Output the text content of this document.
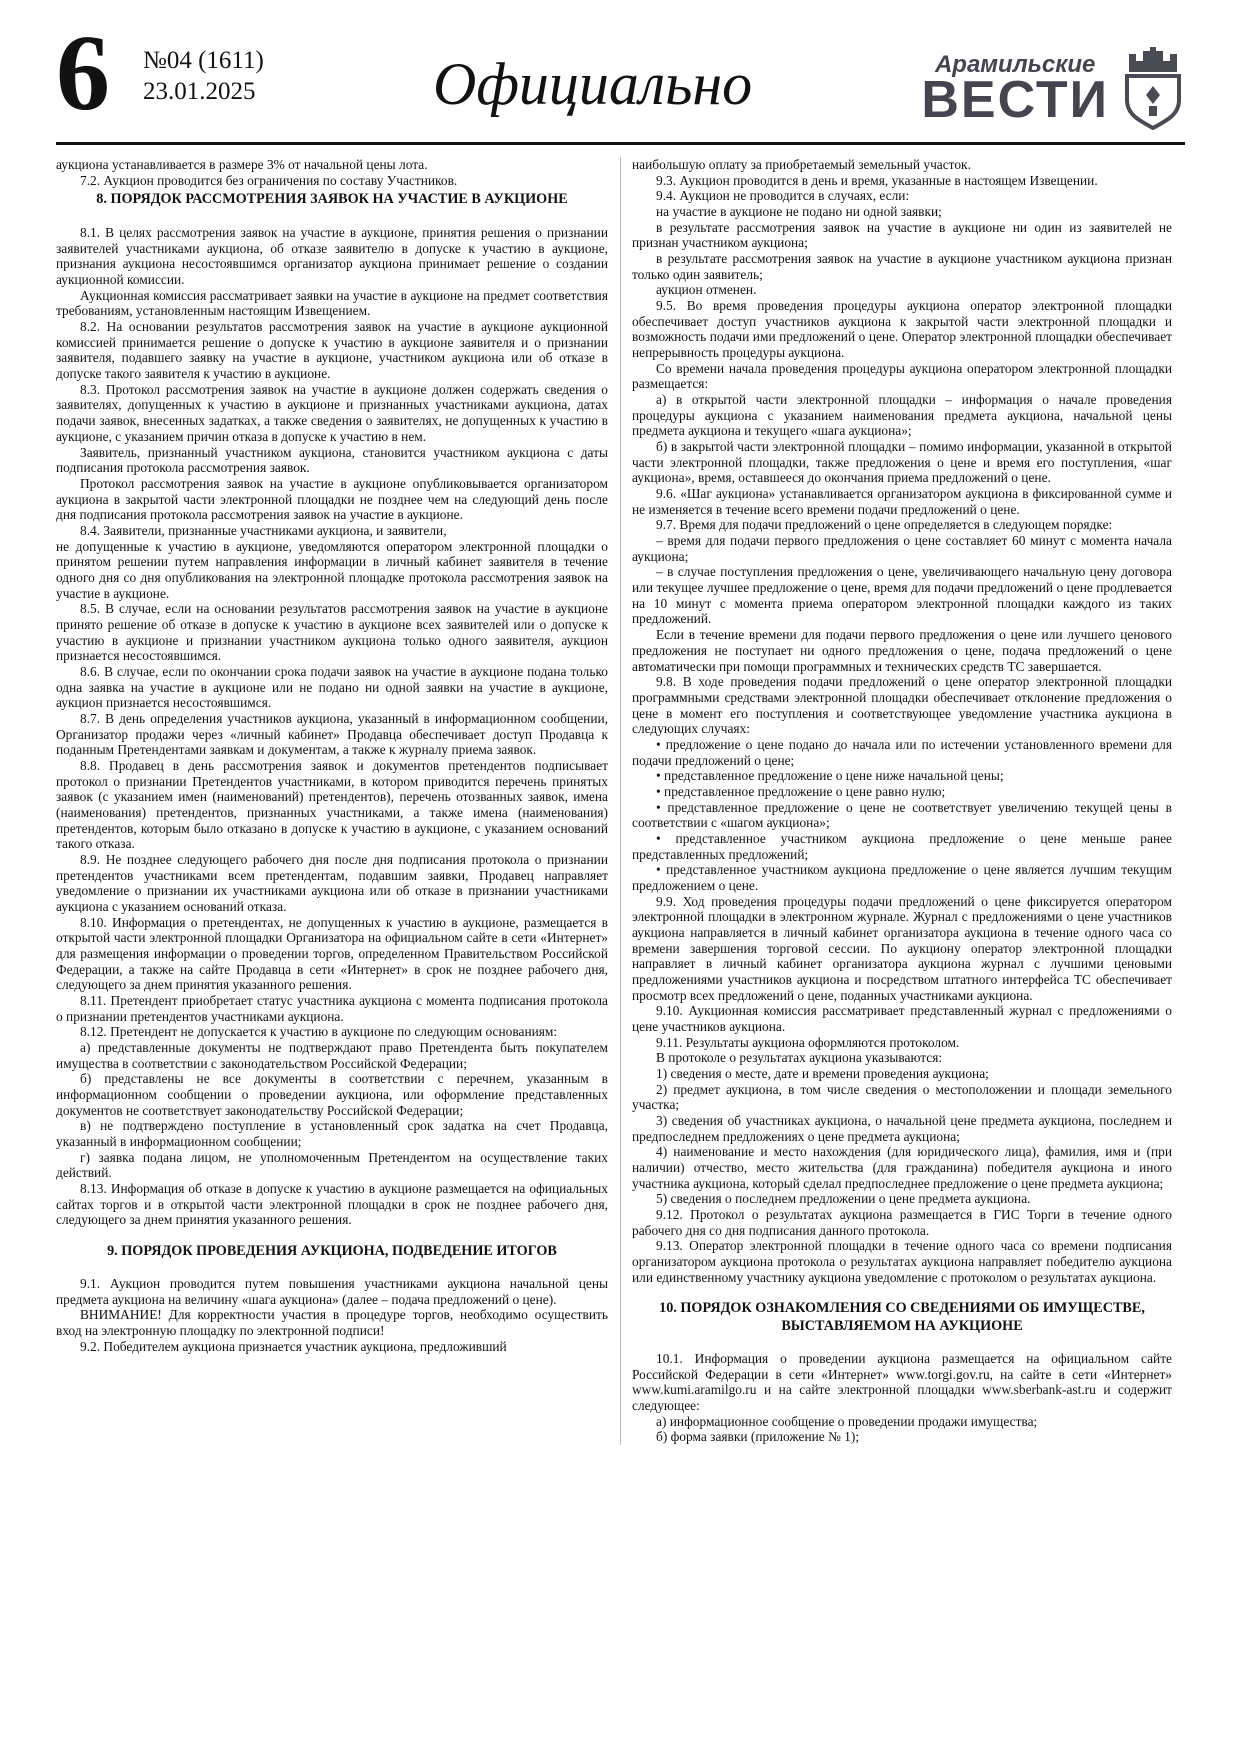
6 №04 (1611)
23.01.2025	Официально	Арамильские
ВЕСТИ

аукциона устанавливается в размере 3% от начальной цены лота.

7.2. Аукцион проводится без ограничения по составу Участников.

8. ПОРЯДОК РАССМОТРЕНИЯ ЗАЯВОК НА УЧАСТИЕ В АУКЦИОНЕ

8.1. В целях рассмотрения заявок на участие в аукционе, принятия решения о признании заявителей участниками аукциона, об отказе заявителю в допуске к участию в аукционе, признания аукциона несостоявшимся организатор аукциона принимает решение о создании аукционной комиссии.

Аукционная комиссия рассматривает заявки на участие в аукционе на предмет соответствия требованиям, установленным настоящим Извещением.

8.2. На основании результатов рассмотрения заявок на участие в аукционе аукционной комиссией принимается решение о допуске к участию в аукционе заявителя и о признании заявителя, подавшего заявку на участие в аукционе, участником аукциона или об отказе в допуске такого заявителя к участию в аукционе.

8.3. Протокол рассмотрения заявок на участие в аукционе должен содержать сведения о заявителях, допущенных к участию в аукционе и признанных участниками аукциона, датах подачи заявок, внесенных задатках, а также сведения о заявителях, не допущенных к участию в аукционе, с указанием причин отказа в допуске к участию в нем.

Заявитель, признанный участником аукциона, становится участником аукциона с даты подписания протокола рассмотрения заявок.

Протокол рассмотрения заявок на участие в аукционе опубликовывается организатором аукциона в закрытой части электронной площадки не позднее чем на следующий день после дня подписания протокола рассмотрения заявок на участие в аукционе.

8.4. Заявители, признанные участниками аукциона, и заявители,

не допущенные к участию в аукционе, уведомляются оператором электронной площадки о принятом решении путем направления информации в личный кабинет заявителя в течение одного дня со дня опубликования на электронной площадке протокола рассмотрения заявок на участие в аукционе.

8.5. В случае, если на основании результатов рассмотрения заявок на участие в аукционе принято решение об отказе в допуске к участию в аукционе всех заявителей или о допуске к участию в аукционе и признании участником аукциона только одного заявителя, аукцион признается несостоявшимся.

8.6. В случае, если по окончании срока подачи заявок на участие в аукционе подана только одна заявка на участие в аукционе или не подано ни одной заявки на участие в аукционе, аукцион признается несостоявшимся.

8.7. В день определения участников аукциона, указанный в информационном сообщении, Организатор продажи через «личный кабинет» Продавца обеспечивает доступ Продавца к поданным Претендентами заявкам и документам, а также к журналу приема заявок.

8.8. Продавец в день рассмотрения заявок и документов претендентов подписывает протокол о признании Претендентов участниками, в котором приводится перечень принятых заявок (с указанием имен (наименований) претендентов), перечень отозванных заявок, имена (наименования) претендентов, признанных участниками, а также имена (наименования) претендентов, которым было отказано в допуске к участию в аукционе, с указанием оснований такого отказа.

8.9. Не позднее следующего рабочего дня после дня подписания протокола о признании претендентов участниками всем претендентам, подавшим заявки, Продавец направляет уведомление о признании их участниками аукциона или об отказе в признании участниками аукциона с указанием оснований отказа.

8.10. Информация о претендентах, не допущенных к участию в аукционе, размещается в открытой части электронной площадки Организатора на официальном сайте в сети «Интернет» для размещения информации о проведении торгов, определенном Правительством Российской Федерации, а также на сайте Продавца в сети «Интернет» в срок не позднее рабочего дня, следующего за днем принятия указанного решения.

8.11. Претендент приобретает статус участника аукциона с момента подписания протокола о признании претендентов участниками аукциона.

8.12. Претендент не допускается к участию в аукционе по следующим основаниям:

а) представленные документы не подтверждают право Претендента быть покупателем имущества в соответствии с законодательством Российской Федерации;

б) представлены не все документы в соответствии с перечнем, указанным в информационном сообщении о проведении аукциона, или оформление представленных документов не соответствует законодательству Российской Федерации;

в) не подтверждено поступление в установленный срок задатка на счет Продавца, указанный в информационном сообщении;

г) заявка подана лицом, не уполномоченным Претендентом на осуществление таких действий.

8.13. Информация об отказе в допуске к участию в аукционе размещается на официальных сайтах торгов и в открытой части электронной площадки в срок не позднее рабочего дня, следующего за днем принятия указанного решения.

9. ПОРЯДОК ПРОВЕДЕНИЯ АУКЦИОНА, ПОДВЕДЕНИЕ ИТОГОВ

9.1. Аукцион проводится путем повышения участниками аукциона начальной цены предмета аукциона на величину «шага аукциона» (далее – подача предложений о цене).

ВНИМАНИЕ! Для корректности участия в процедуре торгов, необходимо осуществить вход на электронную площадку по электронной подписи!

9.2. Победителем аукциона признается участник аукциона, предложивший

наибольшую оплату за приобретаемый земельный участок.

9.3. Аукцион проводится в день и время, указанные в настоящем Извещении.

9.4. Аукцион не проводится в случаях, если:

на участие в аукционе не подано ни одной заявки;

в результате рассмотрения заявок на участие в аукционе ни один из заявителей не признан участником аукциона;

в результате рассмотрения заявок на участие в аукционе участником аукциона признан только один заявитель;

аукцион отменен.

9.5. Во время проведения процедуры аукциона оператор электронной площадки обеспечивает доступ участников аукциона к закрытой части электронной площадки и возможность подачи ими предложений о цене. Оператор электронной площадки обеспечивает непрерывность процедуры аукциона.

Со времени начала проведения процедуры аукциона оператором электронной площадки размещается:

а) в открытой части электронной площадки – информация о начале проведения процедуры аукциона с указанием наименования предмета аукциона, начальной цены предмета аукциона и текущего «шага аукциона»;

б) в закрытой части электронной площадки – помимо информации, указанной в открытой части электронной площадки, также предложения о цене и время его поступления, «шаг аукциона», время, оставшееся до окончания приема предложений о цене.

9.6. «Шаг аукциона» устанавливается организатором аукциона в фиксированной сумме и не изменяется в течение всего времени подачи предложений о цене.

9.7. Время для подачи предложений о цене определяется в следующем порядке:

– время для подачи первого предложения о цене составляет 60 минут с момента начала аукциона;

– в случае поступления предложения о цене, увеличивающего начальную цену договора или текущее лучшее предложение о цене, время для подачи предложений о цене продлевается на 10 минут с момента приема оператором электронной площадки каждого из таких предложений.

Если в течение времени для подачи первого предложения о цене или лучшего ценового предложения не поступает ни одного предложения о цене, подача предложений о цене автоматически при помощи программных и технических средств ТС завершается.

9.8. В ходе проведения подачи предложений о цене оператор электронной площадки программными средствами электронной площадки обеспечивает отклонение предложения о цене в момент его поступления и соответствующее уведомление участника аукциона в следующих случаях:

• предложение о цене подано до начала или по истечении установленного времени для подачи предложений о цене;

• представленное предложение о цене ниже начальной цены;

• представленное предложение о цене равно нулю;

• представленное предложение о цене не соответствует увеличению текущей цены в соответствии с «шагом аукциона»;

• представленное участником аукциона предложение о цене меньше ранее представленных предложений;

• представленное участником аукциона предложение о цене является лучшим текущим предложением о цене.

9.9. Ход проведения процедуры подачи предложений о цене фиксируется оператором электронной площадки в электронном журнале. Журнал с предложениями о цене участников аукциона направляется в личный кабинет организатора аукциона в течение одного часа со времени завершения торговой сессии. По аукциону оператор электронной площадки направляет в личный кабинет организатора аукциона журнал с лучшими ценовыми предложениями участников аукциона и посредством штатного интерфейса ТС обеспечивает просмотр всех предложений о цене, поданных участниками аукциона.

9.10. Аукционная комиссия рассматривает представленный журнал с предложениями о цене участников аукциона.

9.11. Результаты аукциона оформляются протоколом.

В протоколе о результатах аукциона указываются:

1) сведения о месте, дате и времени проведения аукциона;

2) предмет аукциона, в том числе сведения о местоположении и площади земельного участка;

3) сведения об участниках аукциона, о начальной цене предмета аукциона, последнем и предпоследнем предложениях о цене предмета аукциона;

4) наименование и место нахождения (для юридического лица), фамилия, имя и (при наличии) отчество, место жительства (для гражданина) победителя аукциона и иного участника аукциона, который сделал предпоследнее предложение о цене предмета аукциона;

5) сведения о последнем предложении о цене предмета аукциона.

9.12. Протокол о результатах аукциона размещается в ГИС Торги в течение одного рабочего дня со дня подписания данного протокола.

9.13. Оператор электронной площадки в течение одного часа со времени подписания организатором аукциона протокола о результатах аукциона направляет победителю аукциона или единственному участнику аукциона уведомление с протоколом о результатах аукциона.

10. ПОРЯДОК ОЗНАКОМЛЕНИЯ СО СВЕДЕНИЯМИ ОБ ИМУЩЕСТВЕ, ВЫСТАВЛЯЕМОМ НА АУКЦИОНЕ

10.1. Информация о проведении аукциона размещается на официальном сайте Российской Федерации в сети «Интернет» www.torgi.gov.ru, на сайте в сети «Интернет» www.kumi.aramilgo.ru и на сайте электронной площадки www.sberbank-ast.ru и содержит следующее:

а) информационное сообщение о проведении продажи имущества;

б) форма заявки (приложение № 1);
